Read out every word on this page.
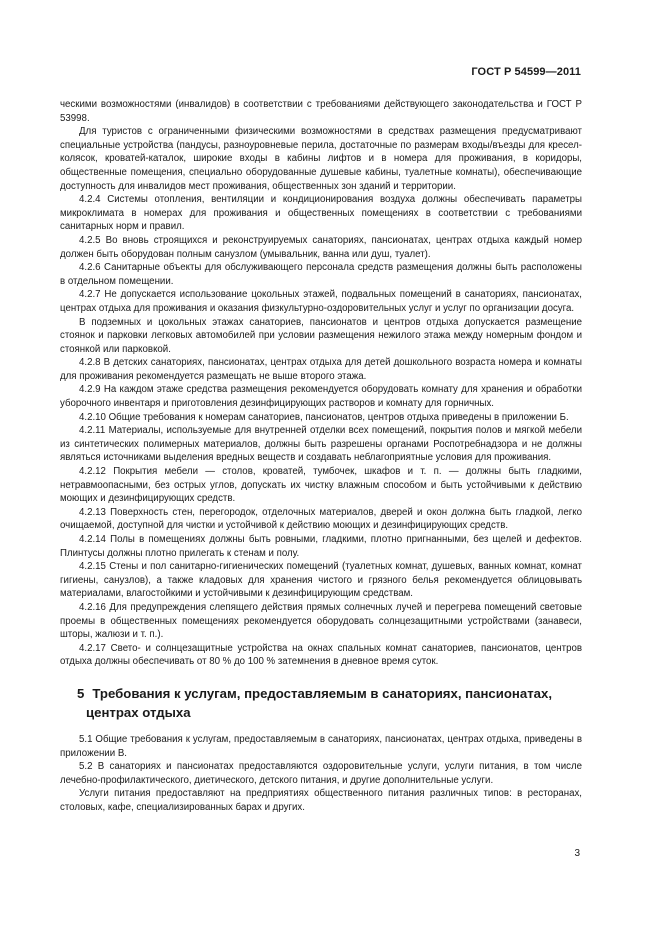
ГОСТ Р 54599—2011

ческими возможностями (инвалидов) в соответствии с требованиями действующего законодательства и ГОСТ Р 53998.

Для туристов с ограниченными физическими возможностями в средствах размещения предусматривают специальные устройства (пандусы, разноуровневые перила, достаточные по размерам входы/въезды для кресел-колясок, кроватей-каталок, широкие входы в кабины лифтов и в номера для проживания, в коридоры, общественные помещения, специально оборудованные душевые кабины, туалетные комнаты), обеспечивающие доступность для инвалидов мест проживания, общественных зон зданий и территории.

4.2.4 Системы отопления, вентиляции и кондиционирования воздуха должны обеспечивать параметры микроклимата в номерах для проживания и общественных помещениях в соответствии с требованиями санитарных норм и правил.

4.2.5 Во вновь строящихся и реконструируемых санаториях, пансионатах, центрах отдыха каждый номер должен быть оборудован полным санузлом (умывальник, ванна или душ, туалет).

4.2.6 Санитарные объекты для обслуживающего персонала средств размещения должны быть расположены в отдельном помещении.

4.2.7 Не допускается использование цокольных этажей, подвальных помещений в санаториях, пансионатах, центрах отдыха для проживания и оказания физкультурно-оздоровительных услуг и услуг по организации досуга.

В подземных и цокольных этажах санаториев, пансионатов и центров отдыха допускается размещение стоянок и парковки легковых автомобилей при условии размещения нежилого этажа между номерным фондом и стоянкой или парковкой.

4.2.8 В детских санаториях, пансионатах, центрах отдыха для детей дошкольного возраста номера и комнаты для проживания рекомендуется размещать не выше второго этажа.

4.2.9 На каждом этаже средства размещения рекомендуется оборудовать комнату для хранения и обработки уборочного инвентаря и приготовления дезинфицирующих растворов и комнату для горничных.

4.2.10 Общие требования к номерам санаториев, пансионатов, центров отдыха приведены в приложении Б.

4.2.11 Материалы, используемые для внутренней отделки всех помещений, покрытия полов и мягкой мебели из синтетических полимерных материалов, должны быть разрешены органами Роспотребнадзора и не должны являться источниками выделения вредных веществ и создавать неблагоприятные условия для проживания.

4.2.12 Покрытия мебели — столов, кроватей, тумбочек, шкафов и т. п. — должны быть гладкими, нетравмоопасными, без острых углов, допускать их чистку влажным способом и быть устойчивыми к действию моющих и дезинфицирующих средств.

4.2.13 Поверхность стен, перегородок, отделочных материалов, дверей и окон должна быть гладкой, легко очищаемой, доступной для чистки и устойчивой к действию моющих и дезинфицирующих средств.

4.2.14 Полы в помещениях должны быть ровными, гладкими, плотно пригнанными, без щелей и дефектов. Плинтусы должны плотно прилегать к стенам и полу.

4.2.15 Стены и пол санитарно-гигиенических помещений (туалетных комнат, душевых, ванных комнат, комнат гигиены, санузлов), а также кладовых для хранения чистого и грязного белья рекомендуется облицовывать материалами, влагостойкими и устойчивыми к дезинфицирующим средствам.

4.2.16 Для предупреждения слепящего действия прямых солнечных лучей и перегрева помещений световые проемы в общественных помещениях рекомендуется оборудовать солнцезащитными устройствами (занавеси, шторы, жалюзи и т. п.).

4.2.17 Свето- и солнцезащитные устройства на окнах спальных комнат санаториев, пансионатов, центров отдыха должны обеспечивать от 80 % до 100 % затемнения в дневное время суток.

5 Требования к услугам, предоставляемым в санаториях, пансионатах, центрах отдыха

5.1 Общие требования к услугам, предоставляемым в санаториях, пансионатах, центрах отдыха, приведены в приложении В.

5.2 В санаториях и пансионатах предоставляются оздоровительные услуги, услуги питания, в том числе лечебно-профилактического, диетического, детского питания, и другие дополнительные услуги.

Услуги питания предоставляют на предприятиях общественного питания различных типов: в ресторанах, столовых, кафе, специализированных барах и других.

3
